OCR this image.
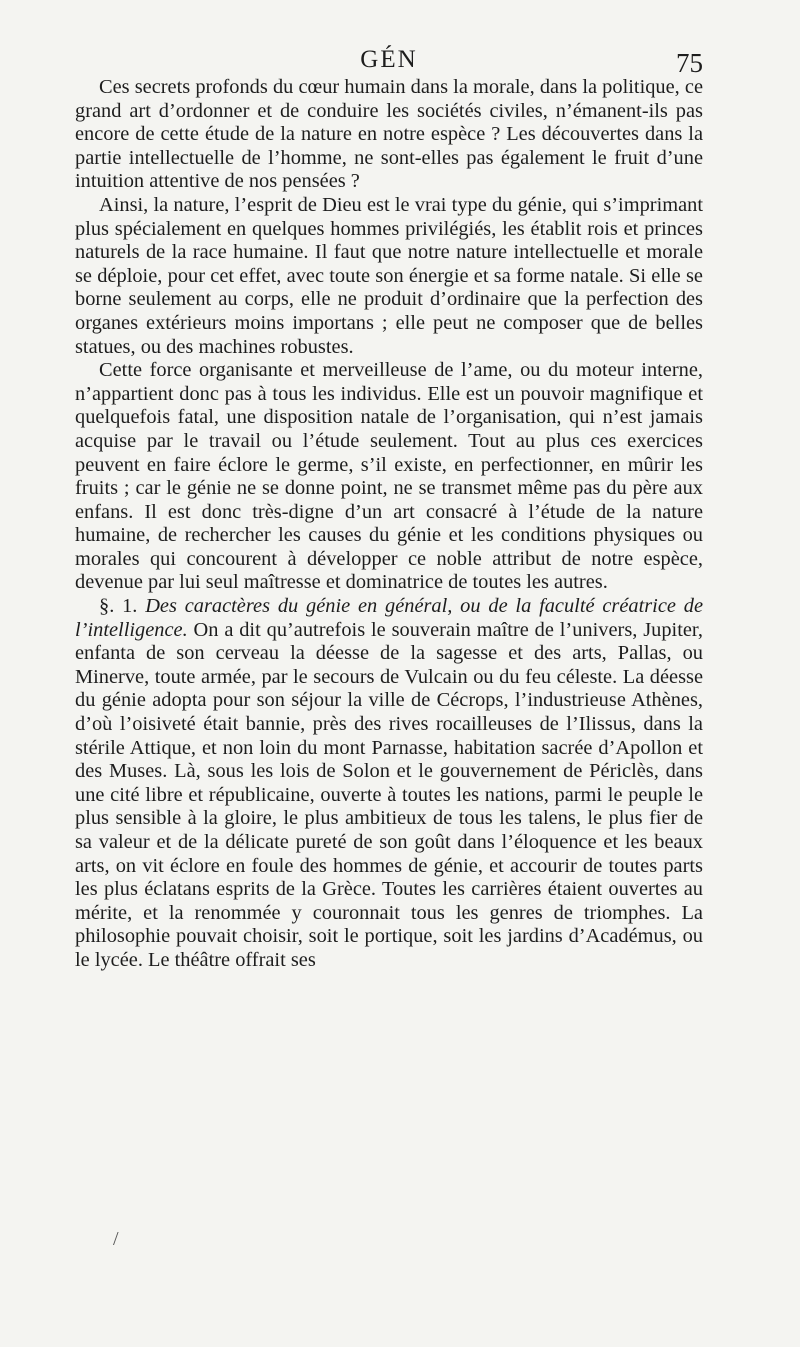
GÉN	75

Ces secrets profonds du cœur humain dans la morale, dans la politique, ce grand art d’ordonner et de conduire les sociétés civiles, n’émanent-ils pas encore de cette étude de la nature en notre espèce ? Les découvertes dans la partie intellectuelle de l’homme, ne sont-elles pas également le fruit d’une intuition attentive de nos pensées ?

Ainsi, la nature, l’esprit de Dieu est le vrai type du génie, qui s’imprimant plus spécialement en quelques hommes privilégiés, les établit rois et princes naturels de la race humaine. Il faut que notre nature intellectuelle et morale se déploie, pour cet effet, avec toute son énergie et sa forme natale. Si elle se borne seulement au corps, elle ne produit d’ordinaire que la perfection des organes extérieurs moins importans ; elle peut ne composer que de belles statues, ou des machines robustes.

Cette force organisante et merveilleuse de l’ame, ou du moteur interne, n’appartient donc pas à tous les individus. Elle est un pouvoir magnifique et quelquefois fatal, une disposition natale de l’organisation, qui n’est jamais acquise par le travail ou l’étude seulement. Tout au plus ces exercices peuvent en faire éclore le germe, s’il existe, en perfectionner, en mûrir les fruits ; car le génie ne se donne point, ne se transmet même pas du père aux enfans. Il est donc très-digne d’un art consacré à l’étude de la nature humaine, de rechercher les causes du génie et les conditions physiques ou morales qui concourent à développer ce noble attribut de notre espèce, devenue par lui seul maîtresse et dominatrice de toutes les autres.

§. 1. Des caractères du génie en général, ou de la faculté créatrice de l’intelligence. On a dit qu’autrefois le souverain maître de l’univers, Jupiter, enfanta de son cerveau la déesse de la sagesse et des arts, Pallas, ou Minerve, toute armée, par le secours de Vulcain ou du feu céleste. La déesse du génie adopta pour son séjour la ville de Cécrops, l’industrieuse Athènes, d’où l’oisiveté était bannie, près des rives rocailleuses de l’Ilissus, dans la stérile Attique, et non loin du mont Parnasse, habitation sacrée d’Apollon et des Muses. Là, sous les lois de Solon et le gouvernement de Périclès, dans une cité libre et républicaine, ouverte à toutes les nations, parmi le peuple le plus sensible à la gloire, le plus ambitieux de tous les talens, le plus fier de sa valeur et de la délicate pureté de son goût dans l’éloquence et les beaux arts, on vit éclore en foule des hommes de génie, et accourir de toutes parts les plus éclatans esprits de la Grèce. Toutes les carrières étaient ouvertes au mérite, et la renommée y couronnait tous les genres de triomphes. La philosophie pouvait choisir, soit le portique, soit les jardins d’Académus, ou le lycée. Le théâtre offrait ses

/
